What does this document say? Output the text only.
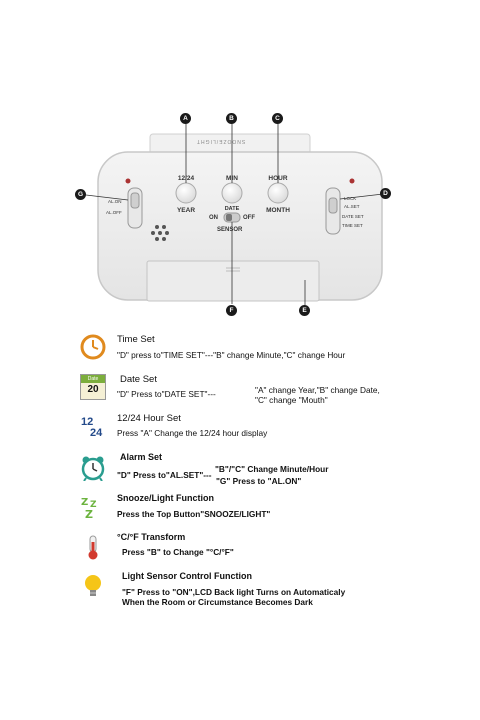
SNOOZE/LIGHT
12/24
YEAR
MIN
DATE
HOUR
MONTH
ON	OFF
SENSOR
AL.ON
AL.OFF
LOCK
AL.SET
DATE SET
TIME SET
A	B	C
D
E
F
G
Time Set
"D" press to"TIME SET"---"B" change Minute,"C" change Hour
Date
20
Date Set
"D" Press to"DATE SET"---	"A" change Year,"B" change Date,
"C" change "Mouth"
12
24
12/24 Hour Set
Press "A" Change the 12/24 hour display
Alarm Set
"D" Press to"AL.SET"---
"B"/"C" Change Minute/Hour
"G" Press to "AL.ON"
Z Z
Z
Snooze/Light Function
Press the Top Button"SNOOZE/LIGHT"
°C/°F Transform
Press "B" to Change "°C/°F"
Light Sensor Control Function
"F" Press to "ON",LCD Back light Turns on Automaticaly
When the Room or Circumstance Becomes Dark
